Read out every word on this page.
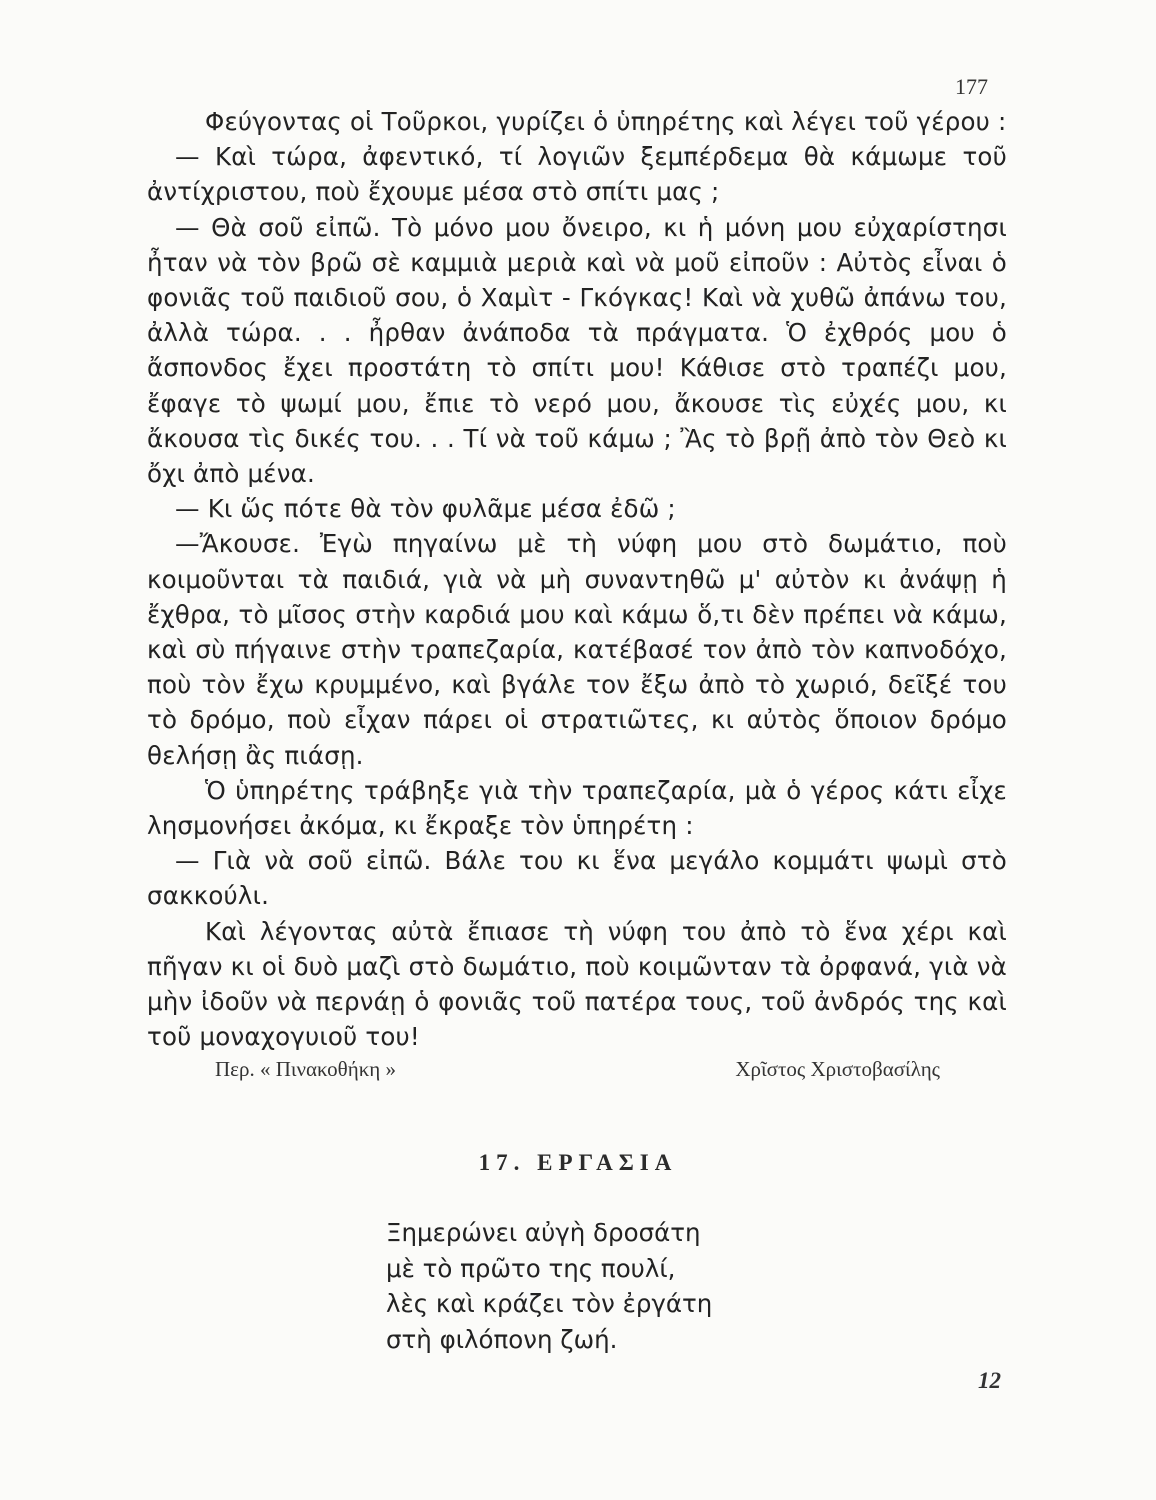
177

Φεύγοντας οἱ Τοῦρκοι, γυρίζει ὁ ὑπηρέτης καὶ λέγει τοῦ γέρου :

— Καὶ τώρα, ἀφεντικό, τί λογιῶν ξεμπέρδεμα θὰ κάμωμε τοῦ ἀντίχριστου, ποὺ ἔχουμε μέσα στὸ σπίτι μας ;

— Θὰ σοῦ εἰπῶ. Τὸ μόνο μου ὄνειρο, κι ἡ μόνη μου εὐχαρίστησι ἦταν νὰ τὸν βρῶ σὲ καμμιὰ μεριὰ καὶ νὰ μοῦ εἰποῦν : Αὐτὸς εἶναι ὁ φονιᾶς τοῦ παιδιοῦ σου, ὁ Χαμὶτ - Γκόγκας! Καὶ νὰ χυθῶ ἀπάνω του, ἀλλὰ τώρα. . . ἦρθαν ἀνάποδα τὰ πράγματα. Ὁ ἐχθρός μου ὁ ἄσπονδος ἔχει προστάτη τὸ σπίτι μου! Κάθισε στὸ τραπέζι μου, ἔφαγε τὸ ψωμί μου, ἔπιε τὸ νερό μου, ἄκουσε τὶς εὐχές μου, κι ἄκουσα τὶς δικές του. . . Τί νὰ τοῦ κάμω ; Ἂς τὸ βρῇ ἀπὸ τὸν Θεὸ κι ὄχι ἀπὸ μένα.

— Κι ὥς πότε θὰ τὸν φυλᾶμε μέσα ἐδῶ ;

—Ἄκουσε. Ἐγὼ πηγαίνω μὲ τὴ νύφη μου στὸ δωμάτιο, ποὺ κοιμοῦνται τὰ παιδιά, γιὰ νὰ μὴ συναντηθῶ μ' αὐτὸν κι ἀνάψῃ ἡ ἔχθρα, τὸ μῖσος στὴν καρδιά μου καὶ κάμω ὅ,τι δὲν πρέπει νὰ κάμω, καὶ σὺ πήγαινε στὴν τραπεζαρία, κατέβασέ τον ἀπὸ τὸν καπνοδόχο, ποὺ τὸν ἔχω κρυμμένο, καὶ βγάλε τον ἔξω ἀπὸ τὸ χωριό, δεῖξέ του τὸ δρόμο, ποὺ εἶχαν πάρει οἱ στρατιῶτες, κι αὐτὸς ὅποιον δρόμο θελήσῃ ἂς πιάσῃ.

Ὁ ὑπηρέτης τράβηξε γιὰ τὴν τραπεζαρία, μὰ ὁ γέρος κάτι εἶχε λησμονήσει ἀκόμα, κι ἔκραξε τὸν ὑπηρέτη :

— Γιὰ νὰ σοῦ εἰπῶ. Βάλε του κι ἕνα μεγάλο κομμάτι ψωμὶ στὸ σακκούλι.

Καὶ λέγοντας αὐτὰ ἔπιασε τὴ νύφη του ἀπὸ τὸ ἕνα χέρι καὶ πῆγαν κι οἱ δυὸ μαζὶ στὸ δωμάτιο, ποὺ κοιμῶνταν τὰ ὀρφανά, γιὰ νὰ μὴν ἰδοῦν νὰ περνάῃ ὁ φονιᾶς τοῦ πατέρα τους, τοῦ ἀνδρός της καὶ τοῦ μοναχογυιοῦ του!

Περ. « Πινακοθήκη »	Χρῖστος Χριστοβασίλης
17. ΕΡΓΑΣΙΑ
Ξημερώνει αὐγὴ δροσάτη
μὲ τὸ πρῶτο της πουλί,
λὲς καὶ κράζει τὸν ἐργάτη
στὴ φιλόπονη ζωή.
12
